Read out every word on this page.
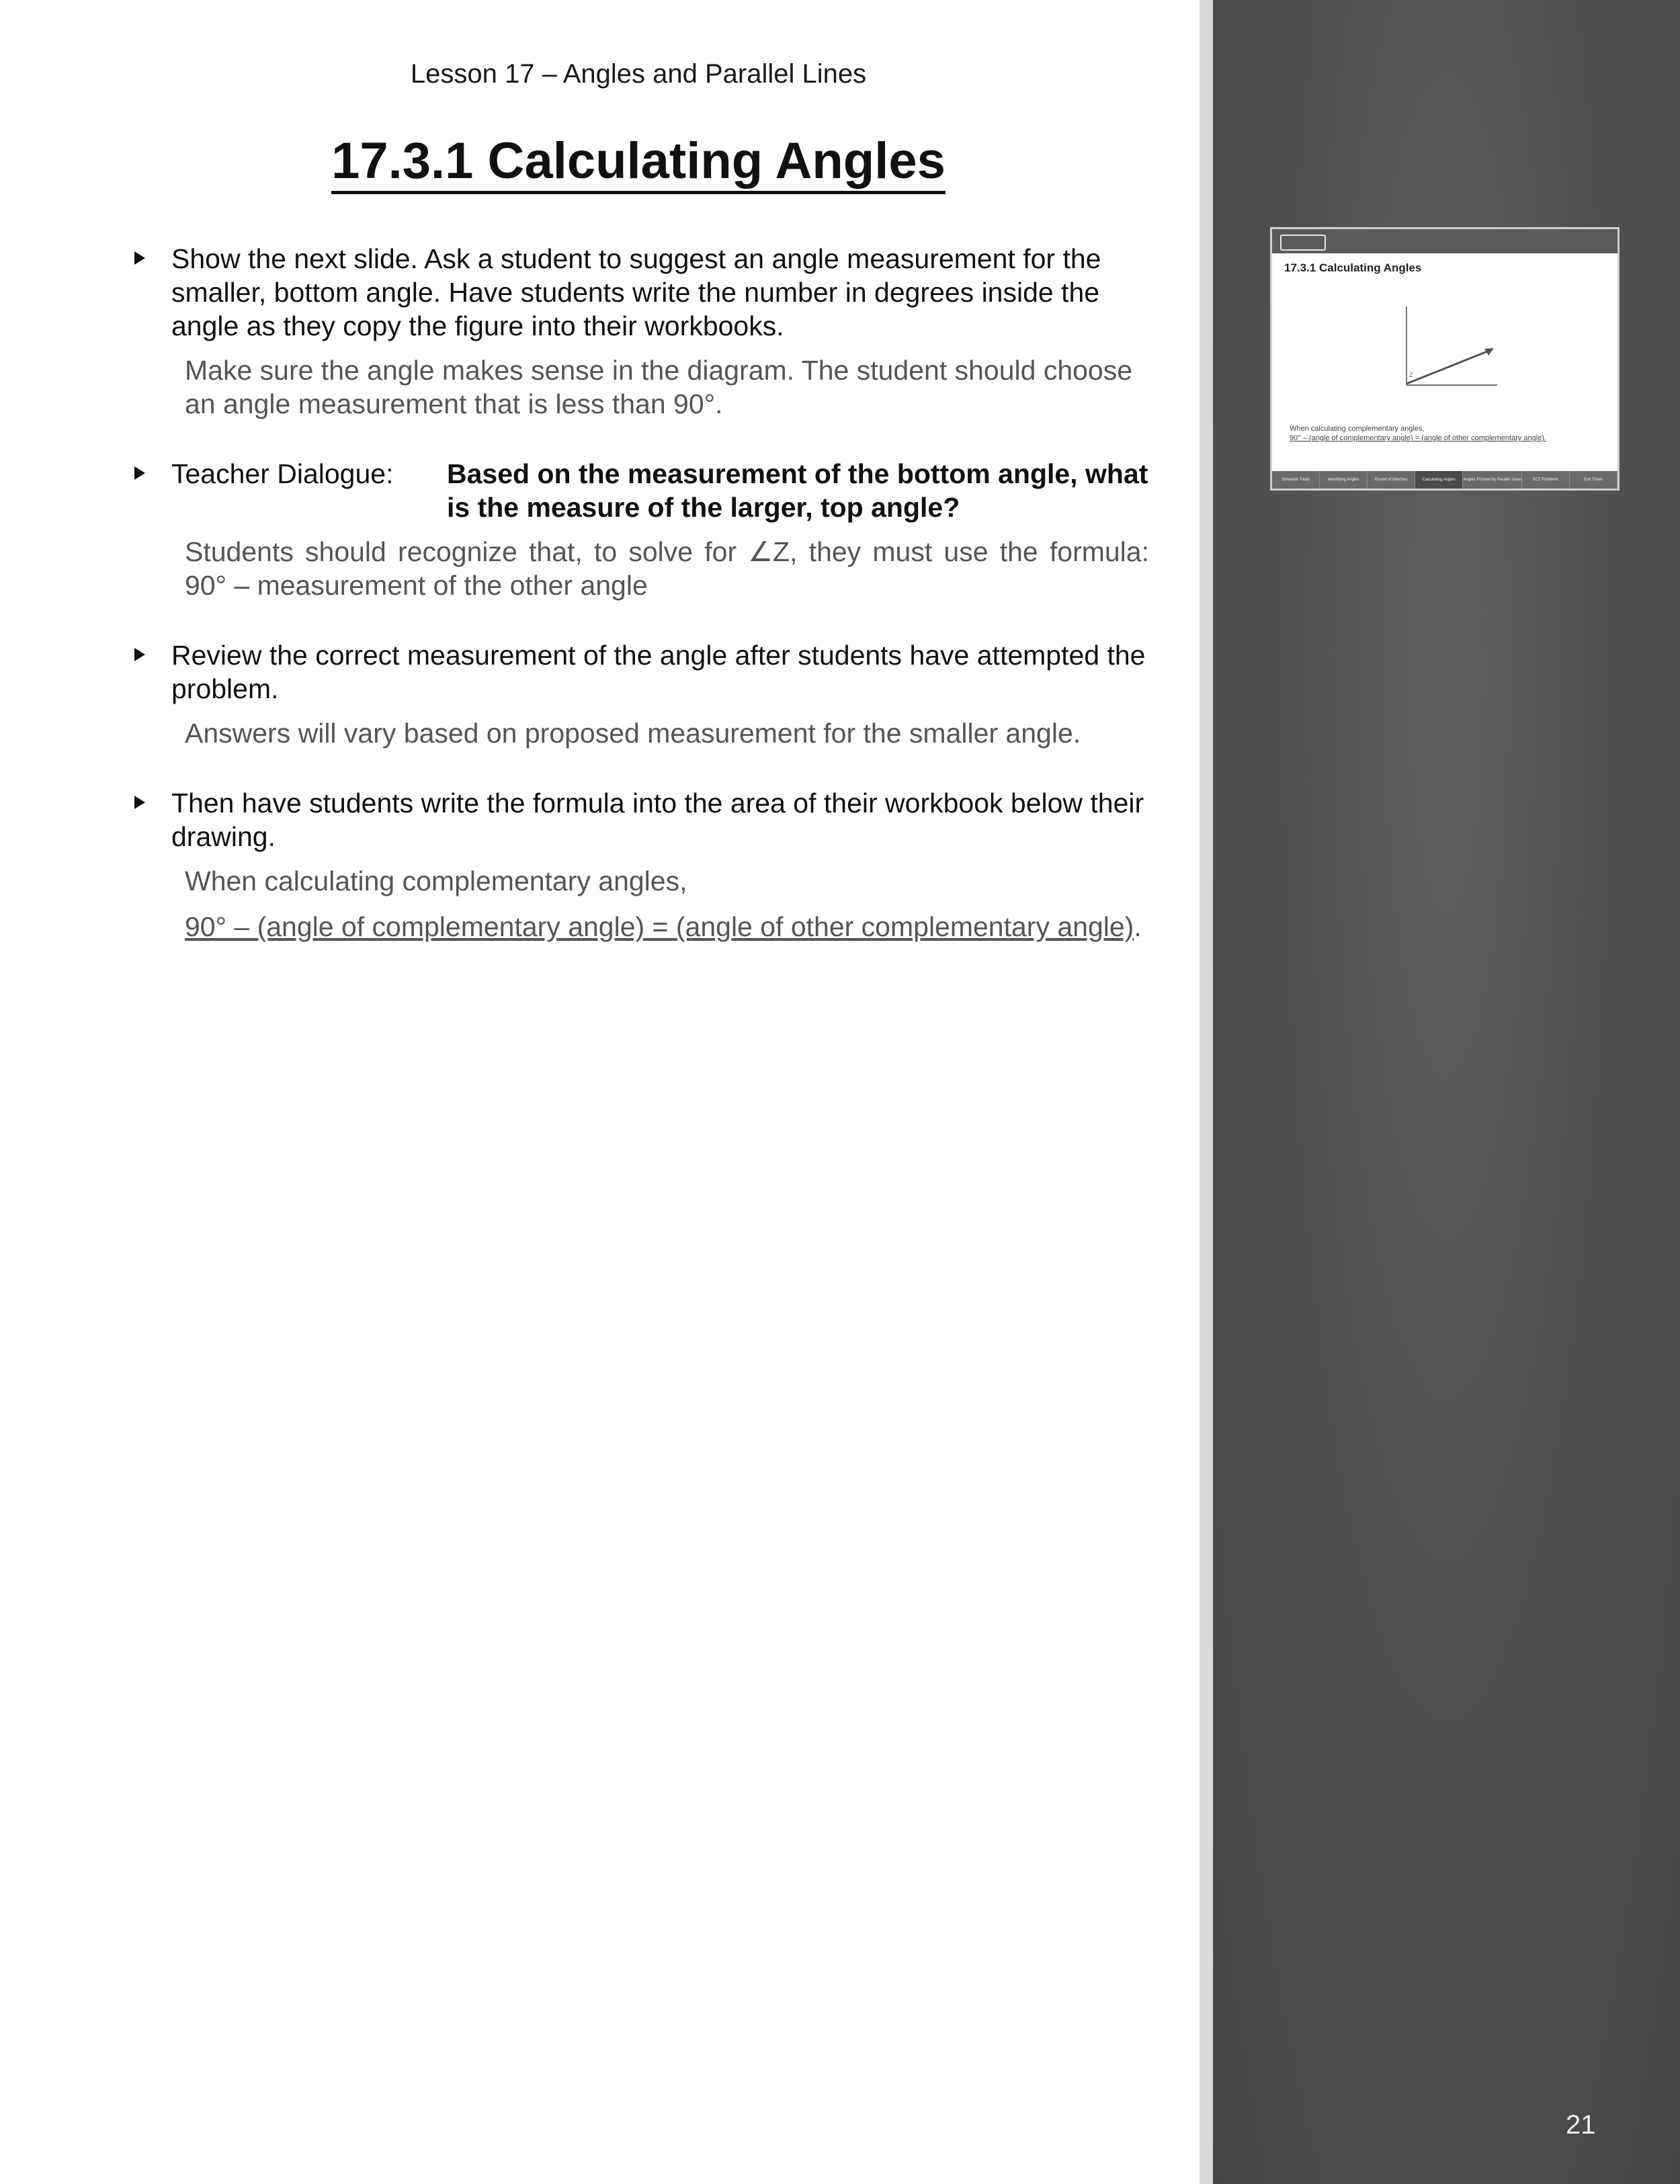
Lesson 17 – Angles and Parallel Lines
17.3.1 Calculating Angles
Show the next slide. Ask a student to suggest an angle measurement for the smaller, bottom angle. Have students write the number in degrees inside the angle as they copy the figure into their workbooks.
Make sure the angle makes sense in the diagram. The student should choose an angle measurement that is less than 90°.
Teacher Dialogue:	Based on the measurement of the bottom angle, what is the measure of the larger, top angle?
Students should recognize that, to solve for ∠Z, they must use the formula: 90° – measurement of the other angle
Review the correct measurement of the angle after students have attempted the problem.
Answers will vary based on proposed measurement for the smaller angle.
Then have students write the formula into the area of their workbook below their drawing.
When calculating complementary angles,
90° – (angle of complementary angle) = (angle of other complementary angle).
17.3.1 Calculating Angles
Z
When calculating complementary angles,
90° – (angle of complementary angle) = (angle of other complementary angle).
Schedule Totals	Identifying Angles	Round of Matches	Calculating Angles	Angles Formed by Parallel Lines	SCT Problems	Exit Ticket
21
